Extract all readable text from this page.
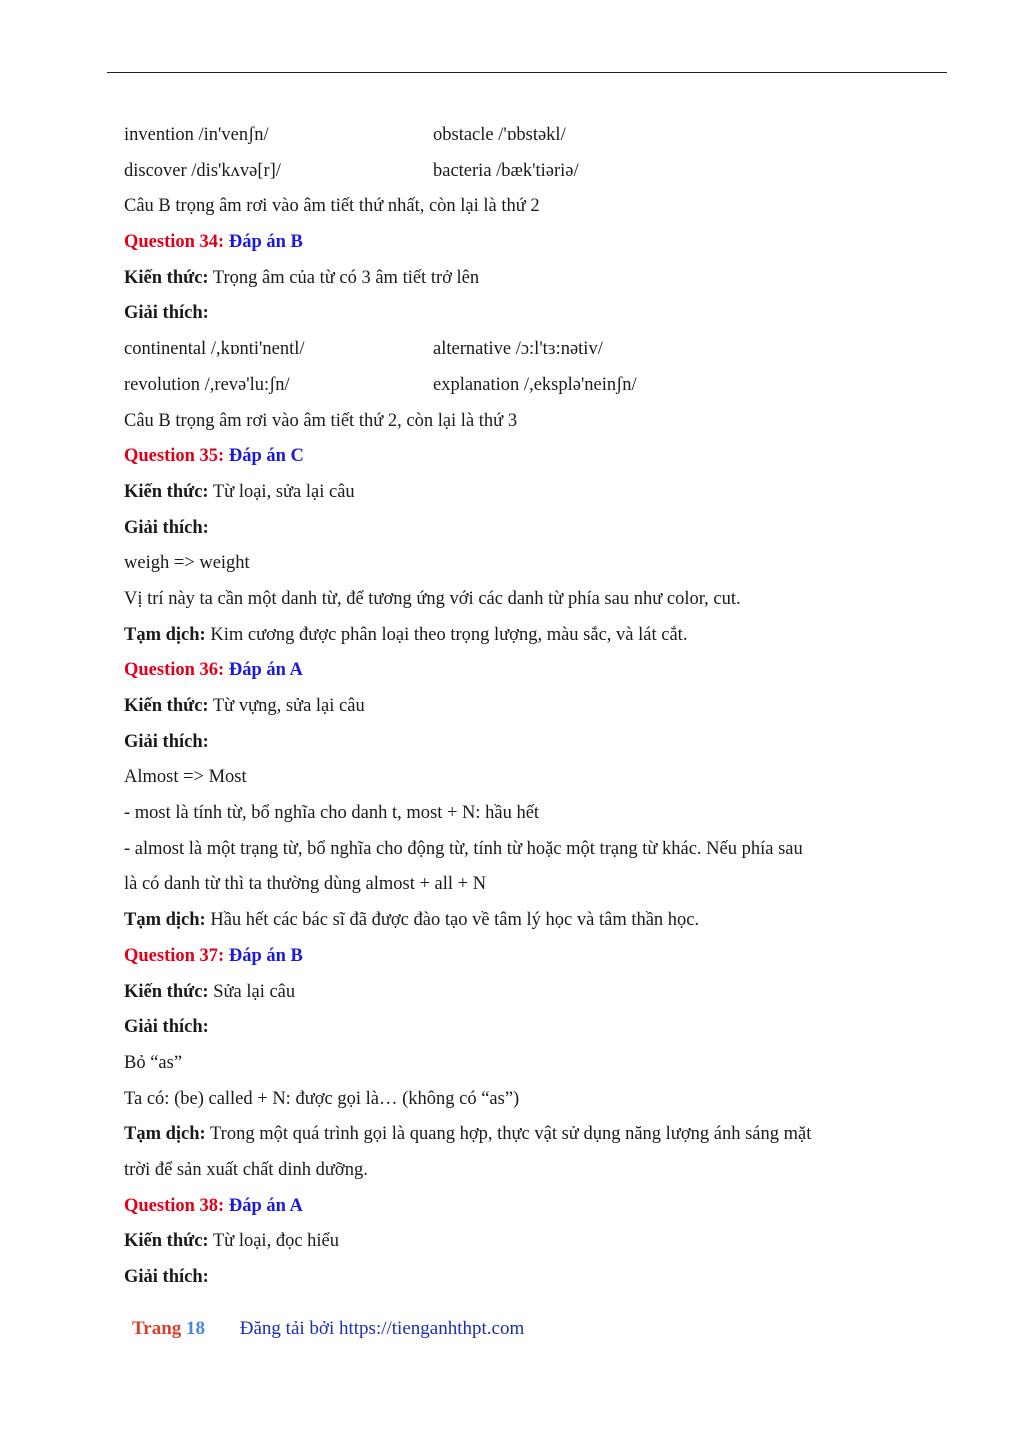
invention /in'venʃn/	obstacle /'ɒbstəkl/
discover /dis'kʌvə[r]/	bacteria /bæk'tiəriə/
Câu B trọng âm rơi vào âm tiết thứ nhất, còn lại là thứ 2
Question 34: Đáp án B
Kiến thức: Trọng âm của từ có 3 âm tiết trở lên
Giải thích:
continental /,kɒnti'nentl/	alternative /ɔ:l'tɜ:nətiv/
revolution /,revə'lu:ʃn/	explanation /,eksplə'neinʃn/
Câu B trọng âm rơi vào âm tiết thứ 2, còn lại là thứ 3
Question 35: Đáp án C
Kiến thức: Từ loại, sửa lại câu
Giải thích:
weigh => weight
Vị trí này ta cần một danh từ, để tương ứng với các danh từ phía sau như color, cut.
Tạm dịch: Kim cương được phân loại theo trọng lượng, màu sắc, và lát cắt.
Question 36: Đáp án A
Kiến thức: Từ vựng, sửa lại câu
Giải thích:
Almost => Most
- most là tính từ, bổ nghĩa cho danh t, most + N: hầu hết
- almost là một trạng từ, bổ nghĩa cho động từ, tính từ hoặc một trạng từ khác. Nếu phía sau
là có danh từ thì ta thường dùng almost + all + N
Tạm dịch: Hầu hết các bác sĩ đã được đào tạo về tâm lý học và tâm thần học.
Question 37: Đáp án B
Kiến thức: Sửa lại câu
Giải thích:
Bỏ “as”
Ta có: (be) called + N: được gọi là… (không có “as”)
Tạm dịch: Trong một quá trình gọi là quang hợp, thực vật sử dụng năng lượng ánh sáng mặt
trời để sản xuất chất dinh dưỡng.
Question 38: Đáp án A
Kiến thức: Từ loại, đọc hiểu
Giải thích:
Trang 18 Đăng tải bởi https://tienganhthpt.com
